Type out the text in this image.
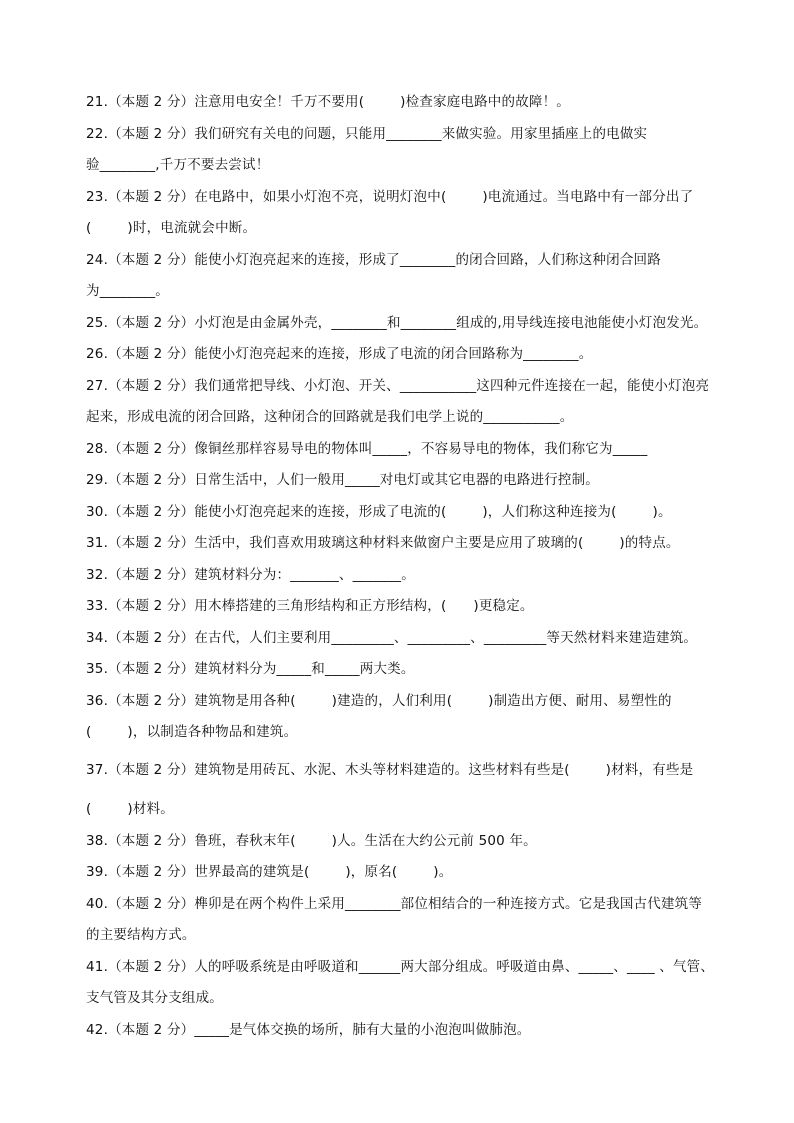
21.（本题 2 分）注意用电安全！千万不要用(        )检查家庭电路中的故障！。
22.（本题 2 分）我们研究有关电的问题，只能用________来做实验。用家里插座上的电做实
验________,千万不要去尝试！
23.（本题 2 分）在电路中，如果小灯泡不亮，说明灯泡中(        )电流通过。当电路中有一部分出了
(        )时，电流就会中断。
24.（本题 2 分）能使小灯泡亮起来的连接，形成了________的闭合回路，人们称这种闭合回路
为________。
25.（本题 2 分）小灯泡是由金属外壳，________和________组成的,用导线连接电池能使小灯泡发光。
26.（本题 2 分）能使小灯泡亮起来的连接，形成了电流的闭合回路称为________。
27.（本题 2 分）我们通常把导线、小灯泡、开关、___________这四种元件连接在一起，能使小灯泡亮
起来，形成电流的闭合回路，这种闭合的回路就是我们电学上说的___________。
28.（本题 2 分）像铜丝那样容易导电的物体叫_____，不容易导电的物体，我们称它为_____
29.（本题 2 分）日常生活中，人们一般用_____对电灯或其它电器的电路进行控制。
30.（本题 2 分）能使小灯泡亮起来的连接，形成了电流的(        )，人们称这种连接为(        )。
31.（本题 2 分）生活中，我们喜欢用玻璃这种材料来做窗户主要是应用了玻璃的(        )的特点。
32.（本题 2 分）建筑材料分为：_______、_______。
33.（本题 2 分）用木棒搭建的三角形结构和正方形结构，(      )更稳定。
34.（本题 2 分）在古代，人们主要利用_________、_________、_________等天然材料来建造建筑。
35.（本题 2 分）建筑材料分为_____和_____两大类。
36.（本题 2 分）建筑物是用各种(        )建造的，人们利用(        )制造出方便、耐用、易塑性的
(        )，以制造各种物品和建筑。
37.（本题 2 分）建筑物是用砖瓦、水泥、木头等材料建造的。这些材料有些是(        )材料，有些是
(        )材料。
38.（本题 2 分）鲁班，春秋末年(        )人。生活在大约公元前 500 年。
39.（本题 2 分）世界最高的建筑是(        )，原名(        )。
40.（本题 2 分）榫卯是在两个构件上采用________部位相结合的一种连接方式。它是我国古代建筑等
的主要结构方式。
41.（本题 2 分）人的呼吸系统是由呼吸道和______两大部分组成。呼吸道由鼻、_____、____ 、气管、
支气管及其分支组成。
42.（本题 2 分）_____是气体交换的场所，肺有大量的小泡泡叫做肺泡。
